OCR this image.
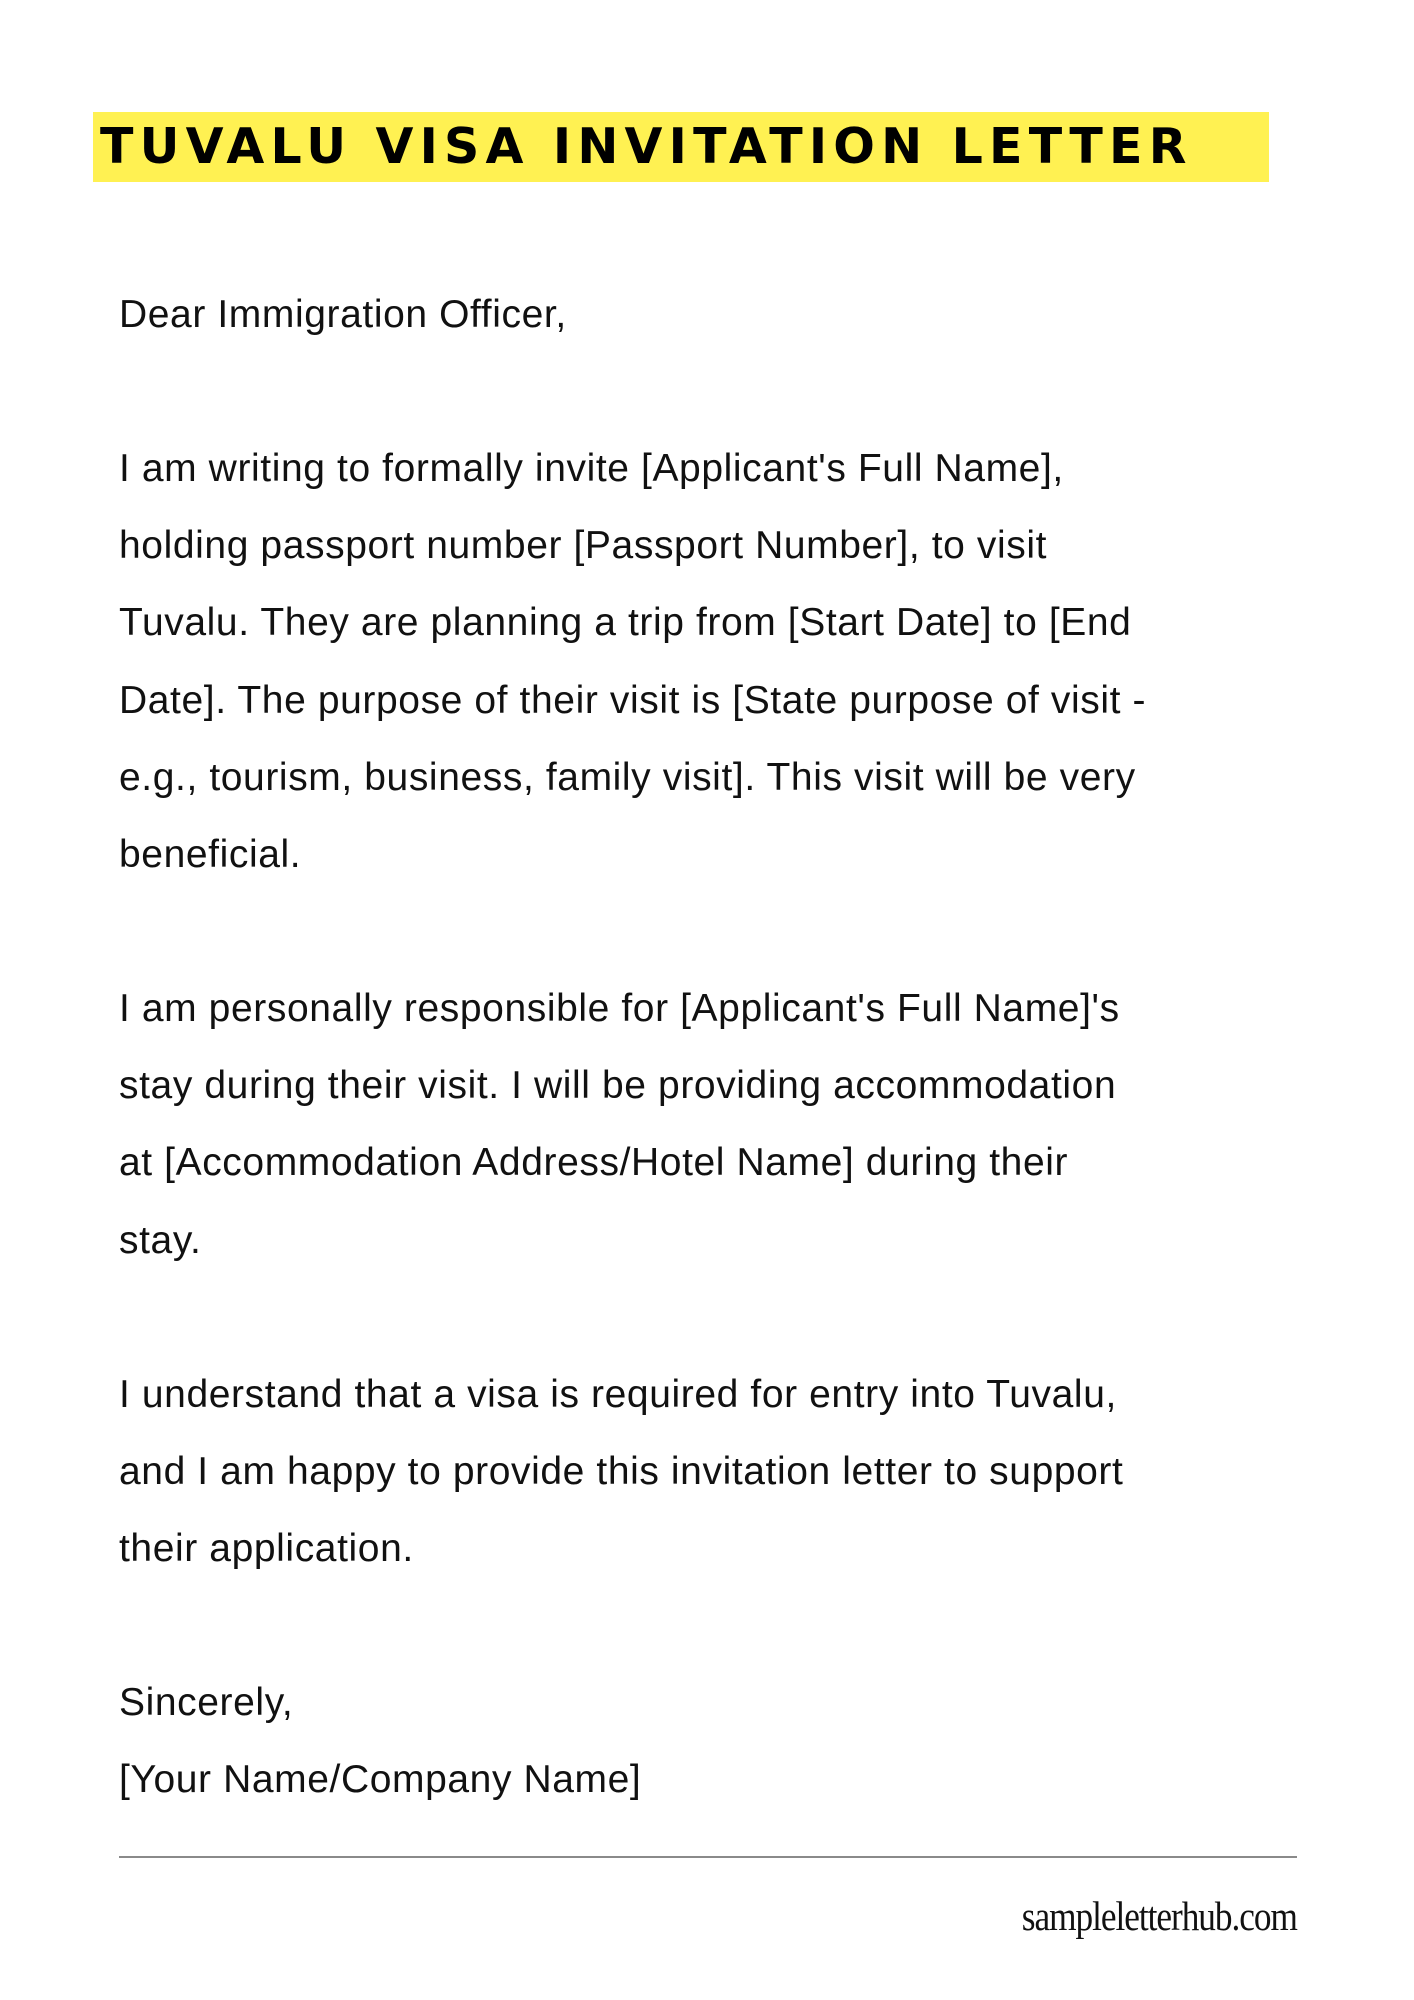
TUVALU VISA INVITATION LETTER
Dear Immigration Officer,
I am writing to formally invite [Applicant's Full Name],
holding passport number [Passport Number], to visit
Tuvalu. They are planning a trip from [Start Date] to [End
Date]. The purpose of their visit is [State purpose of visit -
e.g., tourism, business, family visit]. This visit will be very
beneficial.
I am personally responsible for [Applicant's Full Name]'s
stay during their visit. I will be providing accommodation
at [Accommodation Address/Hotel Name] during their
stay.
I understand that a visa is required for entry into Tuvalu,
and I am happy to provide this invitation letter to support
their application.
Sincerely,
[Your Name/Company Name]
sampleletterhub.com
